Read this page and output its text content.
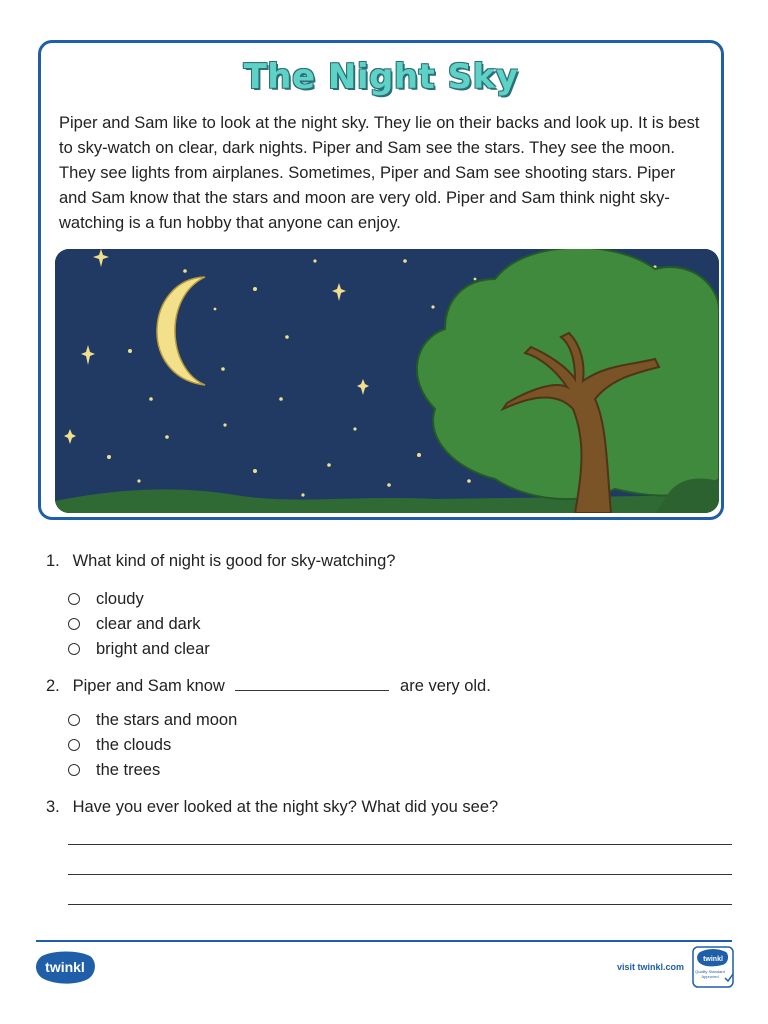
The Night Sky

Piper and Sam like to look at the night sky. They lie on their backs and look up. It is best to sky-watch on clear, dark nights. Piper and Sam see the stars. They see the moon. They see lights from airplanes. Sometimes, Piper and Sam see shooting stars. Piper and Sam know that the stars and moon are very old. Piper and Sam think night sky-watching is a fun hobby that anyone can enjoy.

1. What kind of night is good for sky-watching?
cloudy
clear and dark
bright and clear
2. Piper and Sam know	are very old.
the stars and moon
the clouds
the trees
3. Have you ever looked at the night sky? What did you see?
twinkl	visit twinkl.com
twinkl
Quality Standard Approved
